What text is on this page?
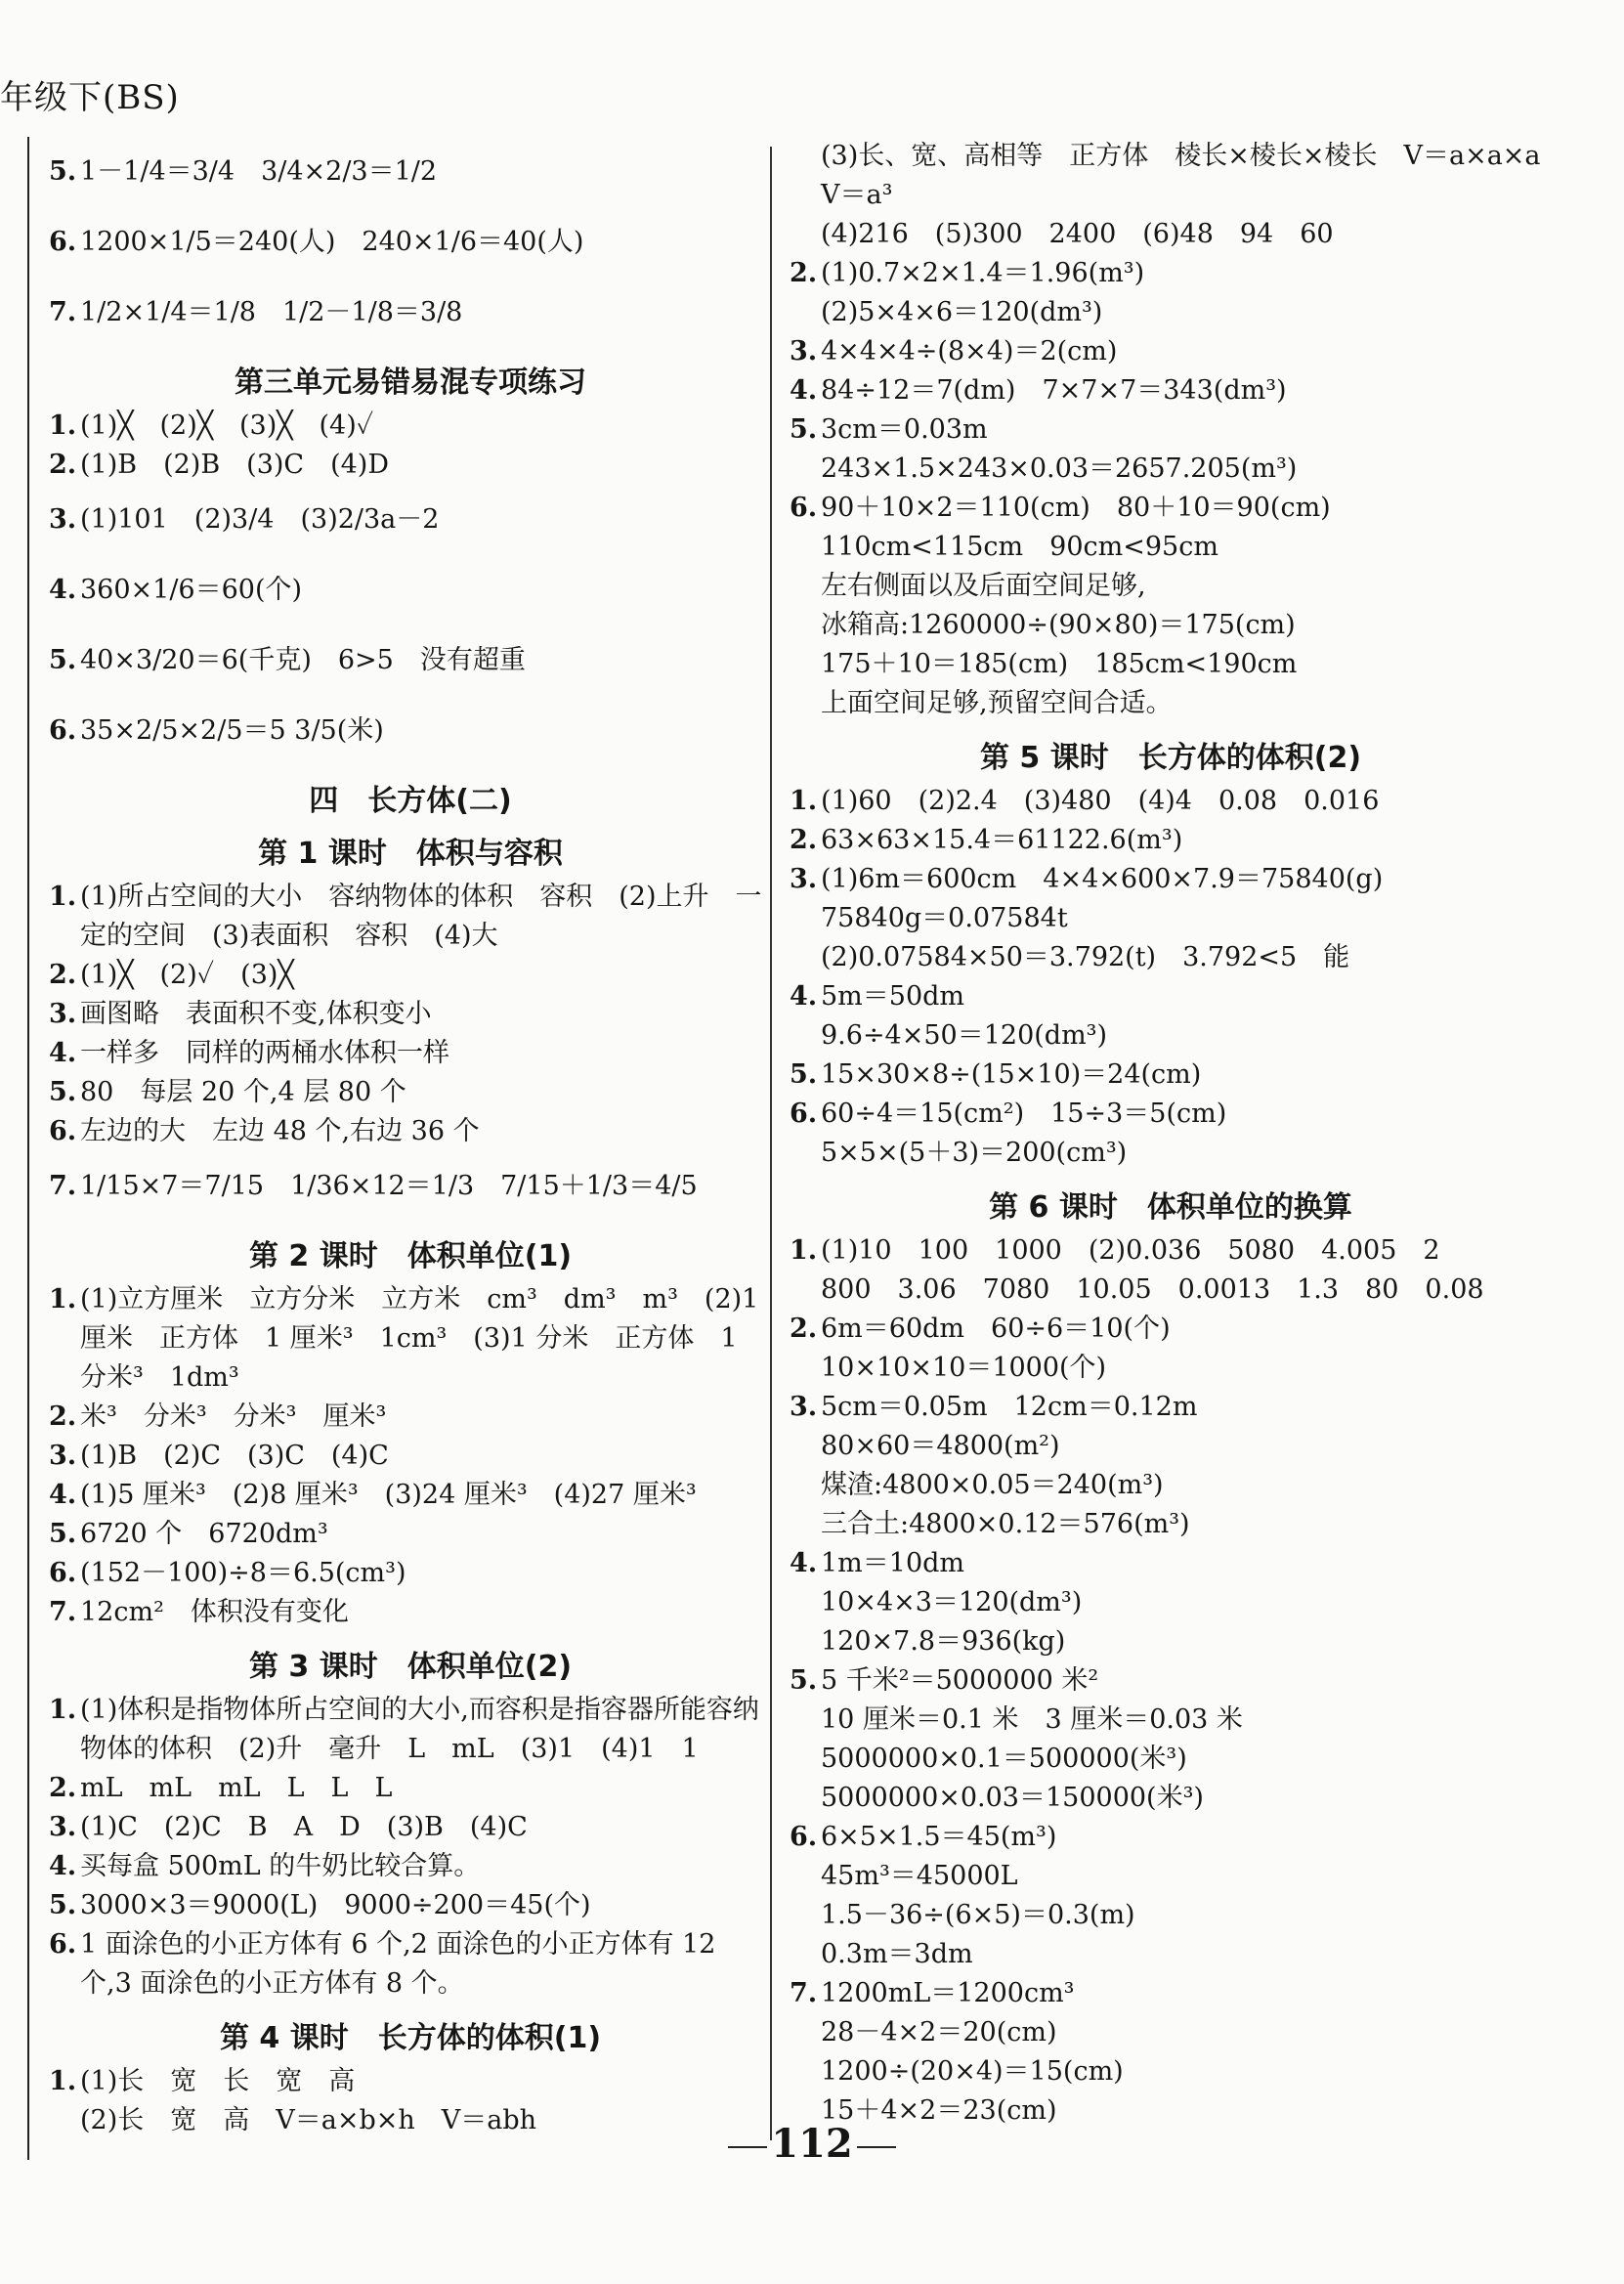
年级下(BS)
5. 1－1/4＝3/4　3/4×2/3＝1/2
6. 1200×1/5＝240(人)　240×1/6＝40(人)
7. 1/2×1/4＝1/8　1/2－1/8＝3/8
第三单元易错易混专项练习
1. (1)╳　(2)╳　(3)╳　(4)✓
2. (1)B　(2)B　(3)C　(4)D
3. (1)101　(2)3/4　(3)2/3a－2
4. 360×1/6＝60(个)
5. 40×3/20＝6(千克)　6>5　没有超重
6. 35×2/5×2/5＝5 3/5(米)
四　长方体(二)
第 1 课时　体积与容积
1. (1)所占空间的大小　容纳物体的体积　容积　(2)上升　一定的空间　(3)表面积　容积　(4)大
2. (1)╳　(2)✓　(3)╳
3. 画图略　表面积不变,体积变小
4. 一样多　同样的两桶水体积一样
5. 80　每层 20 个,4 层 80 个
6. 左边的大　左边 48 个,右边 36 个
7. 1/15×7＝7/15　1/36×12＝1/3　7/15＋1/3＝4/5
第 2 课时　体积单位(1)
1. (1)立方厘米　立方分米　立方米　cm³　dm³　m³　(2)1 厘米　正方体　1 厘米³　1cm³　(3)1 分米　正方体　1 分米³　1dm³
2. 米³　分米³　分米³　厘米³
3. (1)B　(2)C　(3)C　(4)C
4. (1)5 厘米³　(2)8 厘米³　(3)24 厘米³　(4)27 厘米³
5. 6720 个　6720dm³
6. (152－100)÷8＝6.5(cm³)
7. 12cm²　体积没有变化
第 3 课时　体积单位(2)
1. (1)体积是指物体所占空间的大小,而容积是指容器所能容纳物体的体积　(2)升　毫升　L　mL　(3)1　(4)1　1
2. mL　mL　mL　L　L　L
3. (1)C　(2)C　B　A　D　(3)B　(4)C
4. 买每盒 500mL 的牛奶比较合算。
5. 3000×3＝9000(L)　9000÷200＝45(个)
6. 1 面涂色的小正方体有 6 个,2 面涂色的小正方体有 12 个,3 面涂色的小正方体有 8 个。
第 4 课时　长方体的体积(1)
1. (1)长　宽　长　宽　高
(2)长　宽　高　V＝a×b×h　V＝abh
(3)长、宽、高相等　正方体　棱长×棱长×棱长　V＝a×a×a　V＝a³
(4)216　(5)300　2400　(6)48　94　60
2. (1)0.7×2×1.4＝1.96(m³)
(2)5×4×6＝120(dm³)
3. 4×4×4÷(8×4)＝2(cm)
4. 84÷12＝7(dm)　7×7×7＝343(dm³)
5. 3cm＝0.03m
243×1.5×243×0.03＝2657.205(m³)
6. 90＋10×2＝110(cm)　80＋10＝90(cm)
110cm<115cm　90cm<95cm
左右侧面以及后面空间足够,
冰箱高:1260000÷(90×80)＝175(cm)
175＋10＝185(cm)　185cm<190cm
上面空间足够,预留空间合适。
第 5 课时　长方体的体积(2)
1. (1)60　(2)2.4　(3)480　(4)4　0.08　0.016
2. 63×63×15.4＝61122.6(m³)
3. (1)6m＝600cm　4×4×600×7.9＝75840(g)
75840g＝0.07584t
(2)0.07584×50＝3.792(t)　3.792<5　能
4. 5m＝50dm
9.6÷4×50＝120(dm³)
5. 15×30×8÷(15×10)＝24(cm)
6. 60÷4＝15(cm²)　15÷3＝5(cm)
5×5×(5＋3)＝200(cm³)
第 6 课时　体积单位的换算
1. (1)10　100　1000　(2)0.036　5080　4.005　2
800　3.06　7080　10.05　0.0013　1.3　80　0.08
2. 6m＝60dm　60÷6＝10(个)
10×10×10＝1000(个)
3. 5cm＝0.05m　12cm＝0.12m
80×60＝4800(m²)
煤渣:4800×0.05＝240(m³)
三合土:4800×0.12＝576(m³)
4. 1m＝10dm
10×4×3＝120(dm³)
120×7.8＝936(kg)
5. 5 千米²＝5000000 米²
10 厘米＝0.1 米　3 厘米＝0.03 米
5000000×0.1＝500000(米³)
5000000×0.03＝150000(米³)
6. 6×5×1.5＝45(m³)
45m³＝45000L
1.5－36÷(6×5)＝0.3(m)
0.3m＝3dm
7. 1200mL＝1200cm³
28－4×2＝20(cm)
1200÷(20×4)＝15(cm)
15＋4×2＝23(cm)
112
